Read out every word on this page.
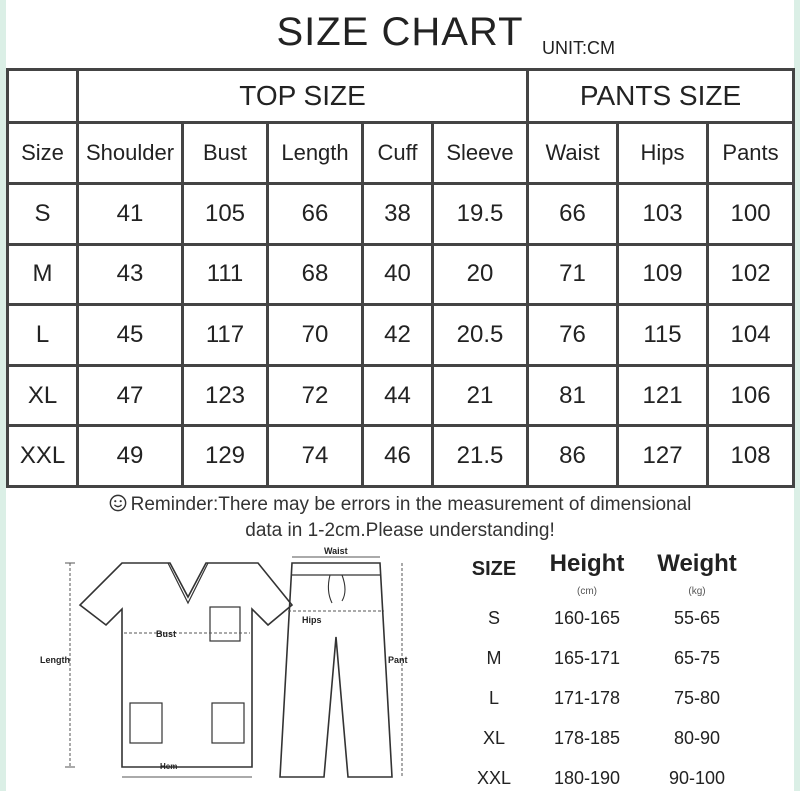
SIZE CHART	UNIT:CM
	TOP SIZE					PANTS SIZE		
Size	Shoulder	Bust	Length	Cuff	Sleeve	Waist	Hips	Pants
S	41	105	66	38	19.5	66	103	100
M	43	111	68	40	20	71	109	102
L	45	117	70	42	20.5	76	115	104
XL	47	123	72	44	21	81	121	106
XXL	49	129	74	46	21.5	86	127	108
Reminder:There may be errors in the measurement of dimensional
data in 1-2cm.Please understanding!
Length
Bust
Hem
Waist
Hips
Pant
SIZE	Height	Weight
(cm)	(kg)
S	160-165	55-65
M	165-171	65-75
L	171-178	75-80
XL	178-185	80-90
XXL	180-190	90-100
